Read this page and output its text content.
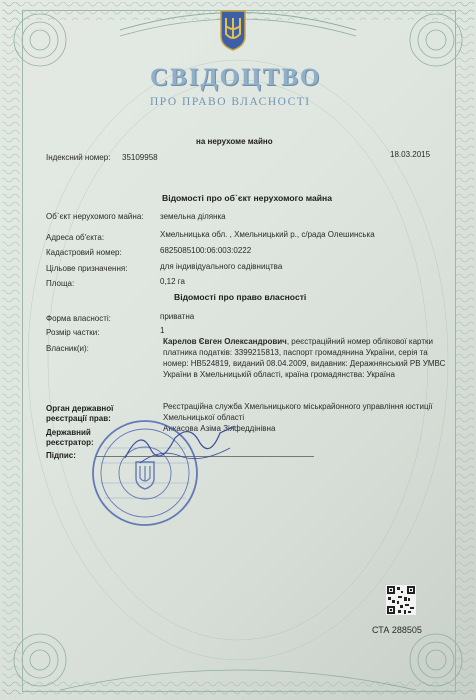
СВІДОЦТВО
ПРО ПРАВО ВЛАСНОСТІ
на нерухоме майно
Індексний номер: 35109958	18.03.2015
Відомості про об`єкт нерухомого майна
Об`єкт нерухомого майна:	земельна ділянка
Адреса об'єкта:	Хмельницька обл. , Хмельницький р., с/рада Олешинська
Кадастровий номер:	6825085100:06:003:0222
Цільове призначення:	для індивідуального садівництва
Площа:	0,12 га
Відомості про право власності
Форма власності:	приватна
Розмір частки:	1
Власник(и):
Карелов Євген Олександрович, реєстраційний номер облікової картки платника податків: 3399215813, паспорт громадянина України, серія та номер: НВ524819, виданий 08.04.2009, видавник: Деражнянський РВ УМВС України в Хмельницькій області, країна громадянства: Україна
Орган державної реєстрації прав:
Реєстраційна служба Хмельницького міськрайонного управління юстиції Хмельницької області
Державний реєстратор:
Анкасова Азіма Зіяфеддінівна
Підпис:
СТА 288505
